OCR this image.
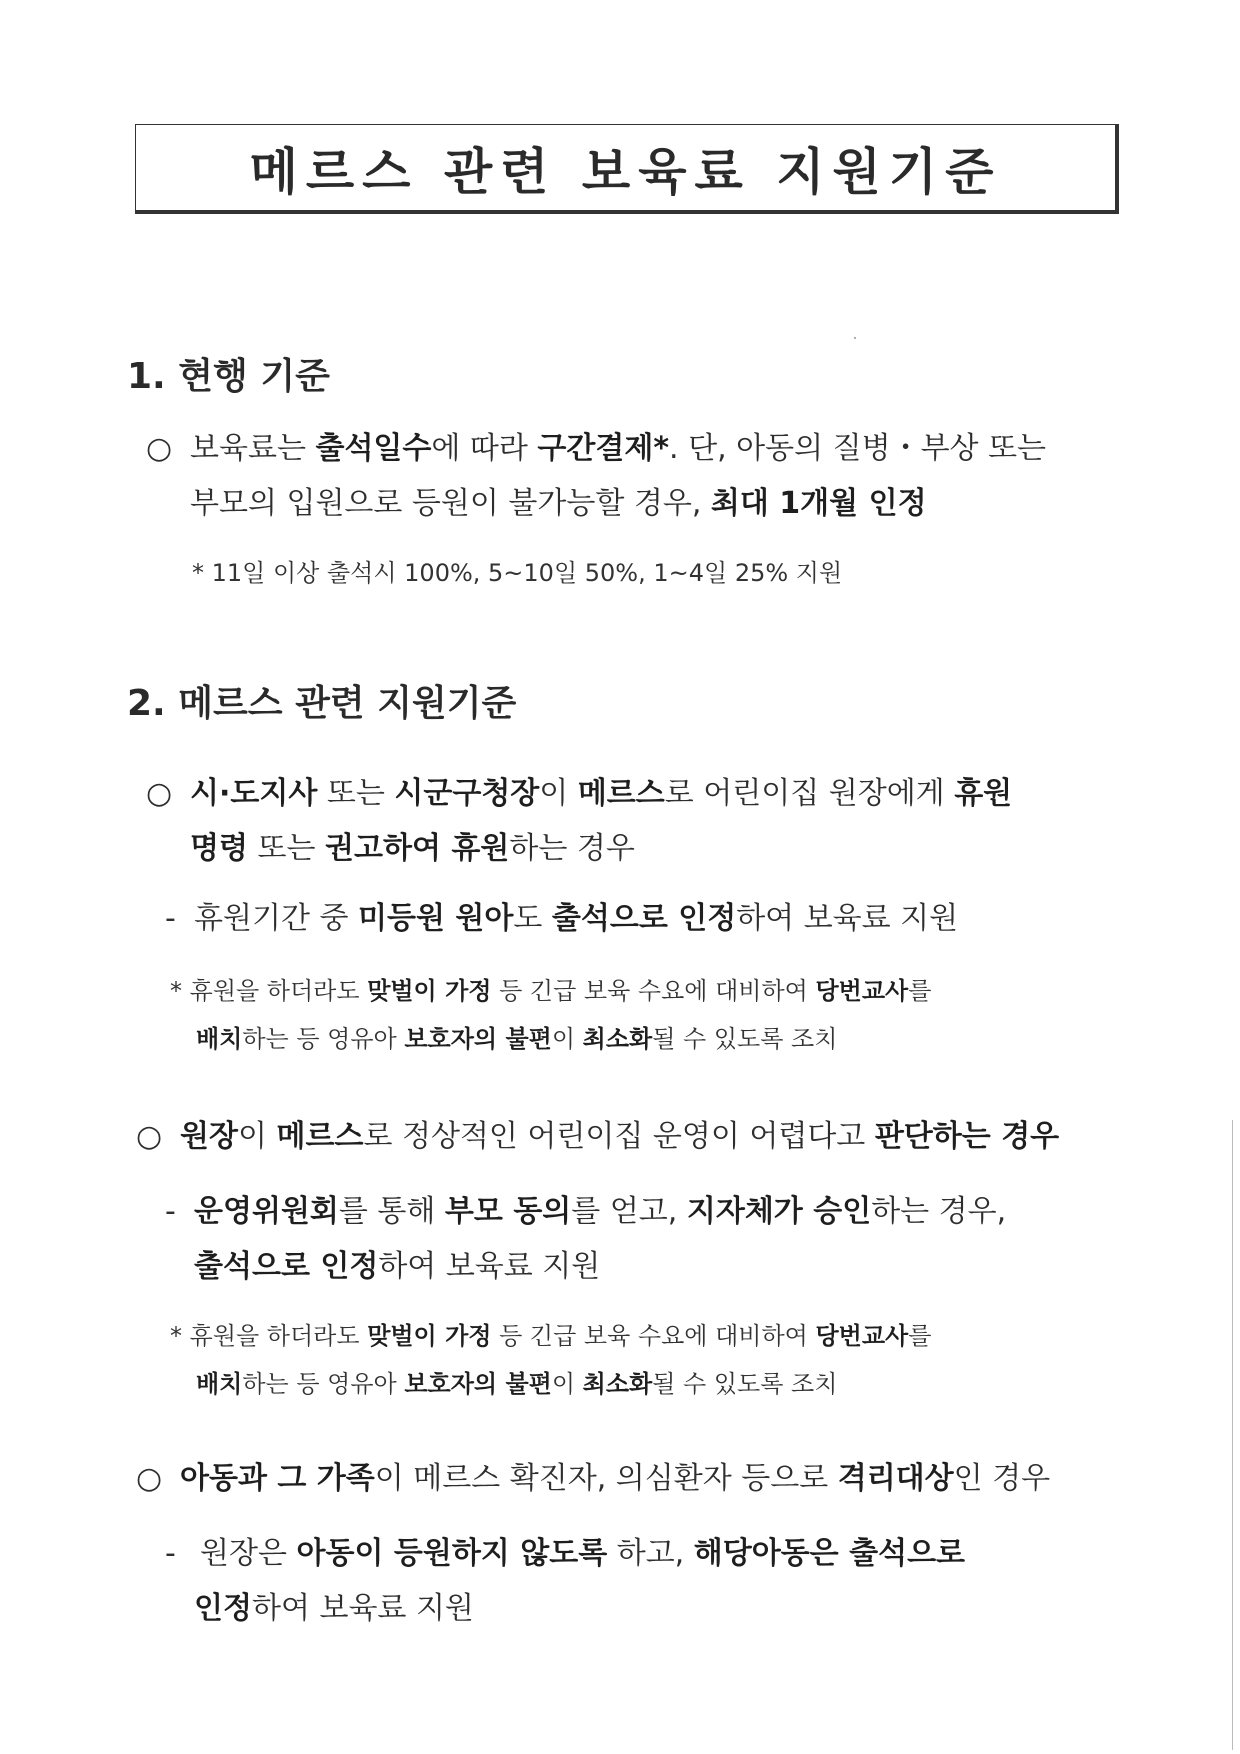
메르스 관련 보육료 지원기준
1. 현행 기준
○ 보육료는 출석일수에 따라 구간결제*. 단, 아동의 질병・부상 또는
부모의 입원으로 등원이 불가능할 경우, 최대 1개월 인정
* 11일 이상 출석시 100%, 5~10일 50%, 1~4일 25% 지원
2. 메르스 관련 지원기준
○ 시·도지사 또는 시군구청장이 메르스로 어린이집 원장에게 휴원
명령 또는 권고하여 휴원하는 경우
- 휴원기간 중 미등원 원아도 출석으로 인정하여 보육료 지원
* 휴원을 하더라도 맞벌이 가정 등 긴급 보육 수요에 대비하여 당번교사를
배치하는 등 영유아 보호자의 불편이 최소화될 수 있도록 조치
○ 원장이 메르스로 정상적인 어린이집 운영이 어렵다고 판단하는 경우
- 운영위원회를 통해 부모 동의를 얻고, 지자체가 승인하는 경우,
출석으로 인정하여 보육료 지원
* 휴원을 하더라도 맞벌이 가정 등 긴급 보육 수요에 대비하여 당번교사를
배치하는 등 영유아 보호자의 불편이 최소화될 수 있도록 조치
○ 아동과 그 가족이 메르스 확진자, 의심환자 등으로 격리대상인 경우
- 원장은 아동이 등원하지 않도록 하고, 해당아동은 출석으로
인정하여 보육료 지원
